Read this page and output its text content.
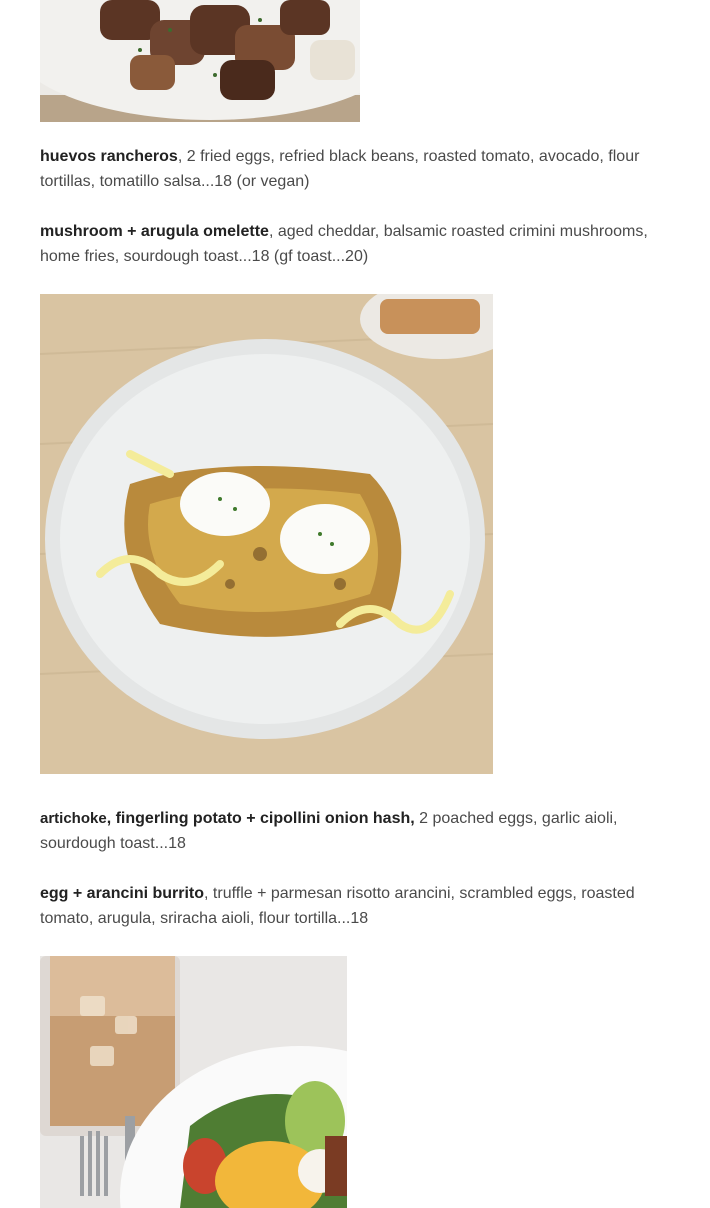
huevos rancheros, 2 fried eggs, refried black beans, roasted tomato, avocado, flour tortillas, tomatillo salsa...18 (or vegan)

mushroom + arugula omelette, aged cheddar, balsamic roasted crimini mushrooms, home fries, sourdough toast...18 (gf toast...20)

artichoke, fingerling potato + cipollini onion hash, 2 poached eggs, garlic aioli, sourdough toast...18

egg + arancini burrito, truffle + parmesan risotto arancini, scrambled eggs, roasted tomato, arugula, sriracha aioli, flour tortilla...18
